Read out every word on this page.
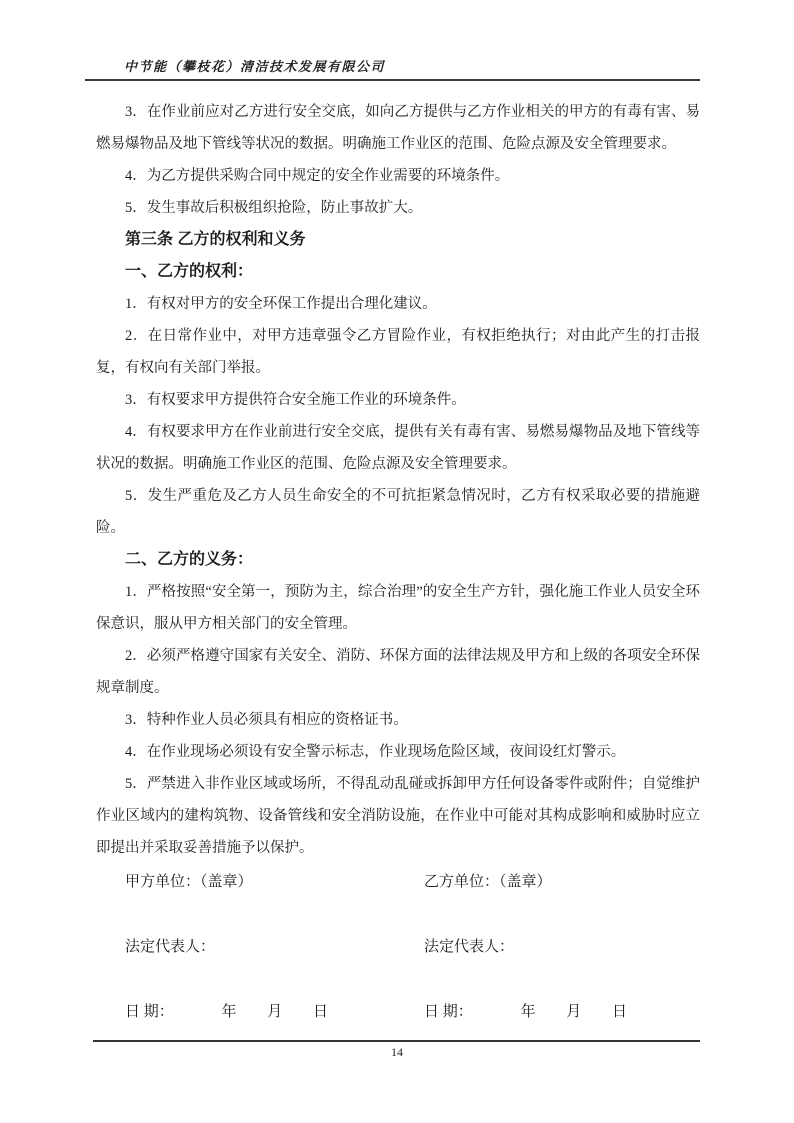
中节能（攀枝花）清洁技术发展有限公司

3．在作业前应对乙方进行安全交底，如向乙方提供与乙方作业相关的甲方的有毒有害、易燃易爆物品及地下管线等状况的数据。明确施工作业区的范围、危险点源及安全管理要求。

4．为乙方提供采购合同中规定的安全作业需要的环境条件。

5．发生事故后积极组织抢险，防止事故扩大。

第三条 乙方的权利和义务

一、乙方的权利：

1．有权对甲方的安全环保工作提出合理化建议。

2．在日常作业中，对甲方违章强令乙方冒险作业，有权拒绝执行；对由此产生的打击报复，有权向有关部门举报。

3．有权要求甲方提供符合安全施工作业的环境条件。

4．有权要求甲方在作业前进行安全交底，提供有关有毒有害、易燃易爆物品及地下管线等状况的数据。明确施工作业区的范围、危险点源及安全管理要求。

5．发生严重危及乙方人员生命安全的不可抗拒紧急情况时，乙方有权采取必要的措施避险。

二、乙方的义务：

1．严格按照“安全第一，预防为主，综合治理”的安全生产方针，强化施工作业人员安全环保意识，服从甲方相关部门的安全管理。

2．必须严格遵守国家有关安全、消防、环保方面的法律法规及甲方和上级的各项安全环保规章制度。

3．特种作业人员必须具有相应的资格证书。

4．在作业现场必须设有安全警示标志，作业现场危险区域，夜间设红灯警示。

5．严禁进入非作业区域或场所，不得乱动乱碰或拆卸甲方任何设备零件或附件；自觉维护作业区域内的建构筑物、设备管线和安全消防设施，在作业中可能对其构成影响和威胁时应立即提出并采取妥善措施予以保护。

甲方单位：（盖章）	乙方单位：（盖章）
法定代表人：	法定代表人：
日 期：	年 月 日	日 期：	年 月 日
14
